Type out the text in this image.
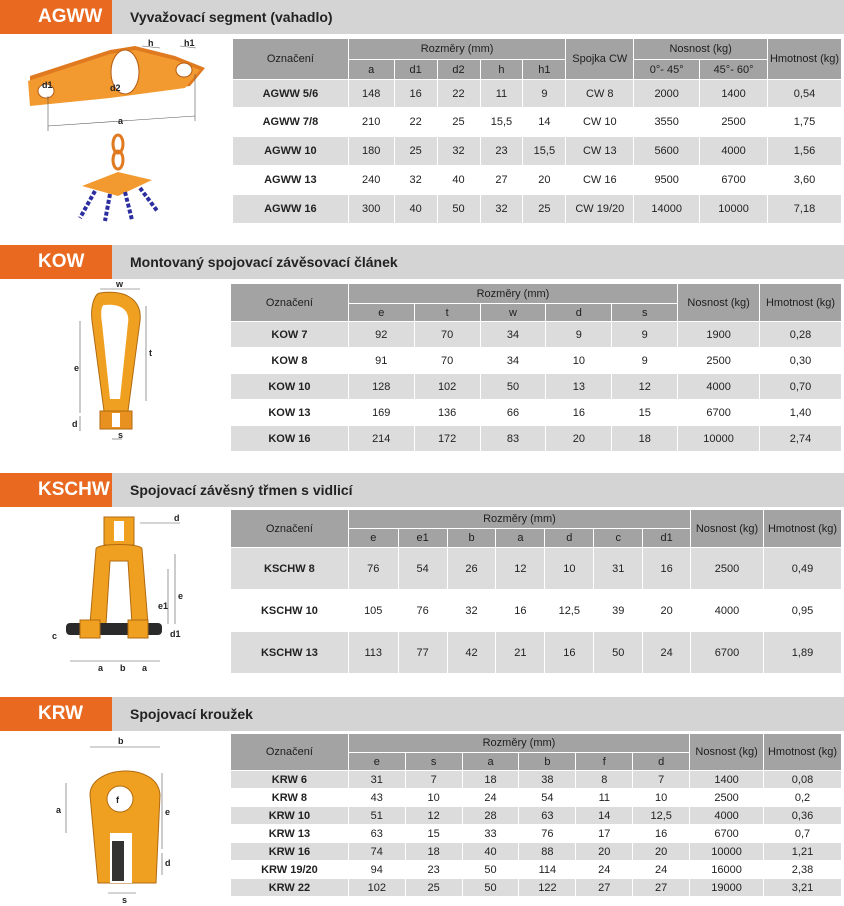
AGWW	Vyvažovací segment (vahadlo)
h	h1
d1	d2
a
Označení	Rozměry (mm)					Spojka CW	Nosnost (kg)		Hmotnost (kg)
	a	d1	d2	h	h1		0°- 45°	45°- 60°	
AGWW 5/6	148	16	22	11	9	CW 8	2000	1400	0,54
AGWW 7/8	210	22	25	15,5	14	CW 10	3550	2500	1,75
AGWW 10	180	25	32	23	15,5	CW 13	5600	4000	1,56
AGWW 13	240	32	40	27	20	CW 16	9500	6700	3,60
AGWW 16	300	40	50	32	25	CW 19/20	14000	10000	7,18
KOW	Montovaný spojovací závěsovací článek
w
e
t
d
s
Označení	Rozměry (mm)					Nosnost (kg)	Hmotnost (kg)
	e	t	w	d	s		
KOW 7	92	70	34	9	9	1900	0,28
KOW 8	91	70	34	10	9	2500	0,30
KOW 10	128	102	50	13	12	4000	0,70
KOW 13	169	136	66	16	15	6700	1,40
KOW 16	214	172	83	20	18	10000	2,74
KSCHW Spojovací závěsný třmen s vidlicí
d
e
e1
c	d1
a b a
Označení	Rozměry (mm)							Nosnost (kg)	Hmotnost (kg)
	e	e1	b	a	d	c	d1		
KSCHW 8	76	54	26	12	10	31	16	2500	0,49
KSCHW 10	105	76	32	16	12,5	39	20	4000	0,95
KSCHW 13	113	77	42	21	16	50	24	6700	1,89
KRW	Spojovací kroužek
b
a
f
e
d
s
Označení	Rozměry (mm)						Nosnost (kg)	Hmotnost (kg)
	e	s	a	b	f	d		
KRW 6	31	7	18	38	8	7	1400	0,08
KRW 8	43	10	24	54	11	10	2500	0,2
KRW 10	51	12	28	63	14	12,5	4000	0,36
KRW 13	63	15	33	76	17	16	6700	0,7
KRW 16	74	18	40	88	20	20	10000	1,21
KRW 19/20	94	23	50	114	24	24	16000	2,38
KRW 22	102	25	50	122	27	27	19000	3,21
